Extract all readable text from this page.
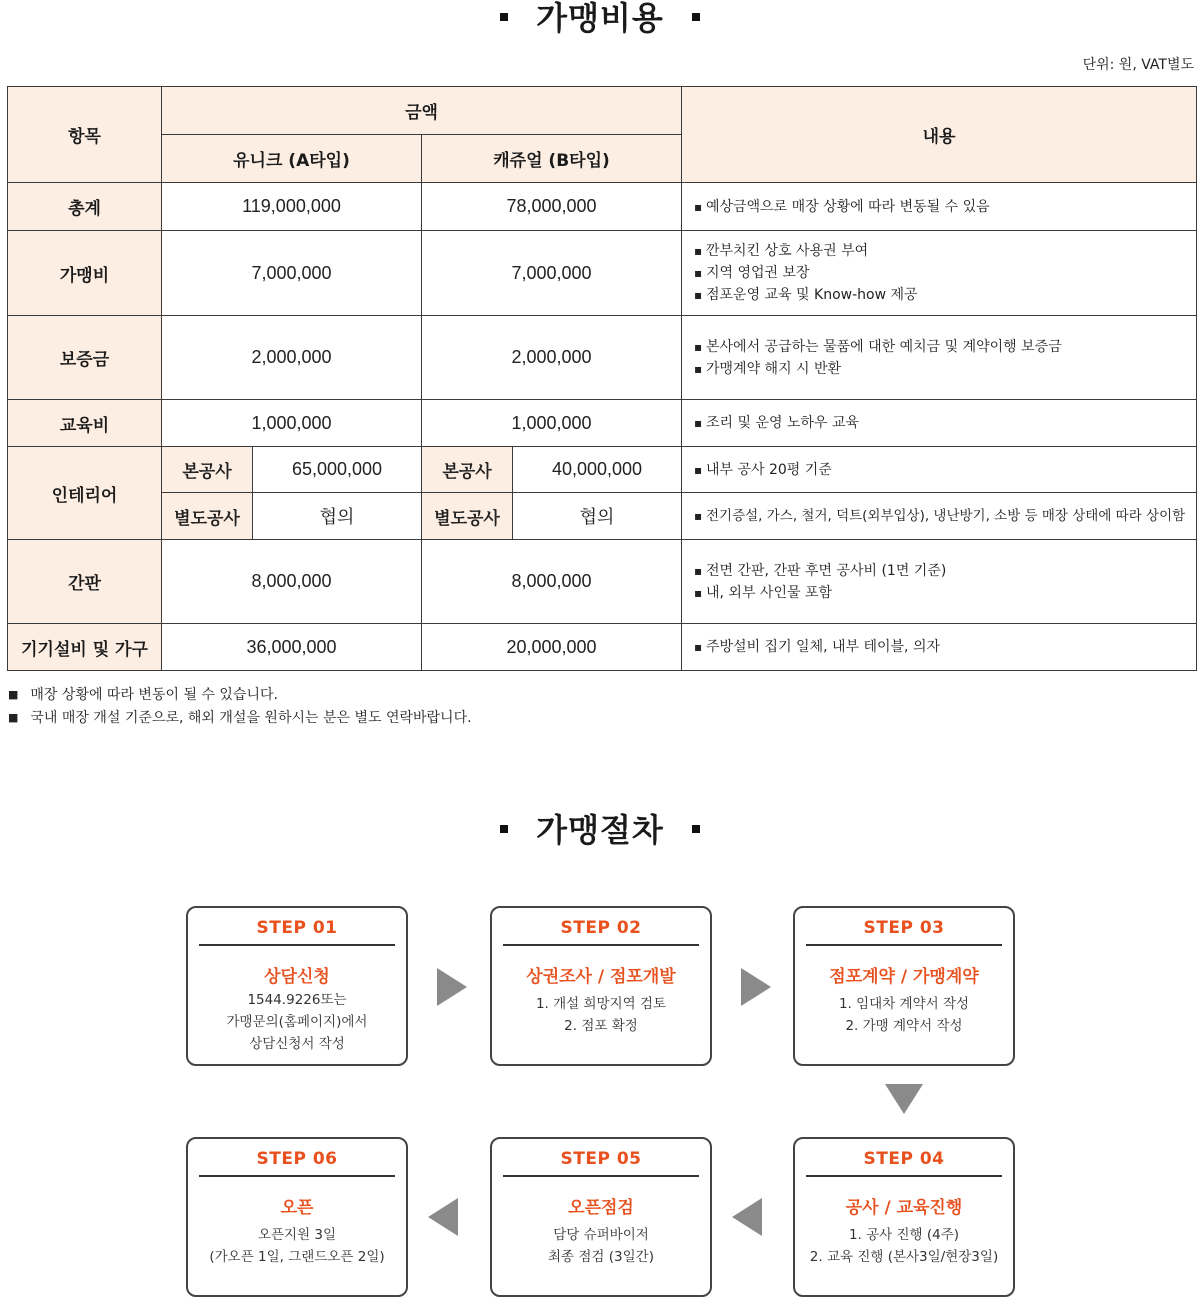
가맹비용
단위: 원, VAT별도
항목	금액				내용
	유니크 (A타입)		캐쥬얼 (B타입)		
총계	119,000,000		78,000,000		▪ 예상금액으로 매장 상황에 따라 변동될 수 있음

가맹비	7,000,000		7,000,000		▪ 깐부치킨 상호 사용권 부여
▪ 지역 영업권 보장
▪ 점포운영 교육 및 Know-how 제공

보증금	2,000,000		2,000,000		▪ 본사에서 공급하는 물품에 대한 예치금 및 계약이행 보증금
▪ 가맹계약 해지 시 반환

교육비	1,000,000		1,000,000		▪ 조리 및 운영 노하우 교육

인테리어	본공사	65,000,000	본공사	40,000,000	▪ 내부 공사 20평 기준

	별도공사	협의	별도공사	협의	▪ 전기증설, 가스, 철거, 덕트(외부입상), 냉난방기, 소방 등 매장 상태에 따라 상이함

간판	8,000,000		8,000,000		▪ 전면 간판, 간판 후면 공사비 (1면 기준)
▪ 내, 외부 사인물 포함

기기설비 및 가구	36,000,000		20,000,000		▪ 주방설비 집기 일체, 내부 테이블, 의자
■ 매장 상황에 따라 변동이 될 수 있습니다.
■ 국내 매장 개설 기준으로, 해외 개설을 원하시는 분은 별도 연락바랍니다.
가맹절차
STEP 01
상담신청
1544.9226또는
가맹문의(홈페이지)에서
상담신청서 작성
STEP 02
상권조사 / 점포개발
1. 개설 희망지역 검토
2. 점포 확정
STEP 03
점포계약 / 가맹계약
1. 임대차 계약서 작성
2. 가맹 계약서 작성
STEP 06
오픈
오픈지원 3일
(가오픈 1일, 그랜드오픈 2일)
STEP 05
오픈점검
담당 슈퍼바이저
최종 점검 (3일간)
STEP 04
공사 / 교육진행
1. 공사 진행 (4주)
2. 교육 진행 (본사3일/현장3일)
